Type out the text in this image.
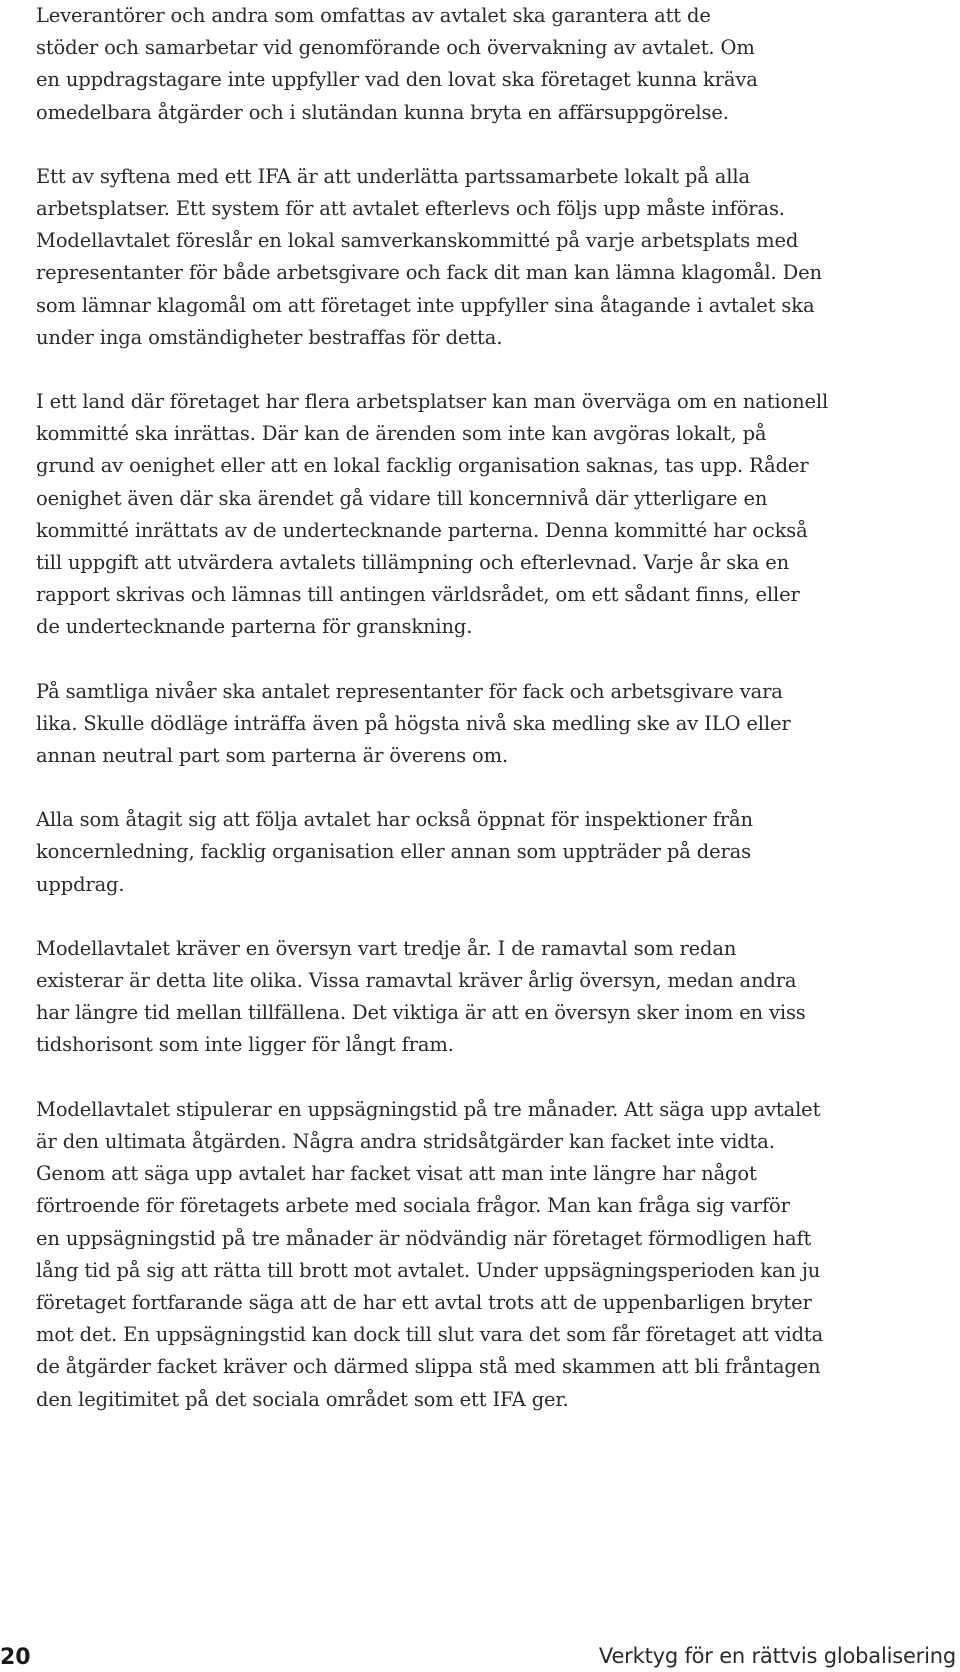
Leverantörer och andra som omfattas av avtalet ska garantera att de
stöder och samarbetar vid genomförande och övervakning av avtalet. Om
en uppdragstagare inte uppfyller vad den lovat ska företaget kunna kräva
omedelbara åtgärder och i slutändan kunna bryta en affärsuppgörelse.

Ett av syftena med ett IFA är att underlätta partssamarbete lokalt på alla
arbetsplatser. Ett system för att avtalet efterlevs och följs upp måste införas.
Modellavtalet föreslår en lokal samverkanskommitté på varje arbetsplats med
representanter för både arbetsgivare och fack dit man kan lämna klagomål. Den
som lämnar klagomål om att företaget inte uppfyller sina åtagande i avtalet ska
under inga omständigheter bestraffas för detta.

I ett land där företaget har flera arbetsplatser kan man överväga om en nationell
kommitté ska inrättas. Där kan de ärenden som inte kan avgöras lokalt, på
grund av oenighet eller att en lokal facklig organisation saknas, tas upp. Råder
oenighet även där ska ärendet gå vidare till koncernnivå där ytterligare en
kommitté inrättats av de undertecknande parterna. Denna kommitté har också
till uppgift att utvärdera avtalets tillämpning och efterlevnad. Varje år ska en
rapport skrivas och lämnas till antingen världsrådet, om ett sådant finns, eller
de undertecknande parterna för granskning.

På samtliga nivåer ska antalet representanter för fack och arbetsgivare vara
lika. Skulle dödläge inträffa även på högsta nivå ska medling ske av ILO eller
annan neutral part som parterna är överens om.

Alla som åtagit sig att följa avtalet har också öppnat för inspektioner från
koncernledning, facklig organisation eller annan som uppträder på deras
uppdrag.

Modellavtalet kräver en översyn vart tredje år. I de ramavtal som redan
existerar är detta lite olika. Vissa ramavtal kräver årlig översyn, medan andra
har längre tid mellan tillfällena. Det viktiga är att en översyn sker inom en viss
tidshorisont som inte ligger för långt fram.

Modellavtalet stipulerar en uppsägningstid på tre månader. Att säga upp avtalet
är den ultimata åtgärden. Några andra stridsåtgärder kan facket inte vidta.
Genom att säga upp avtalet har facket visat att man inte längre har något
förtroende för företagets arbete med sociala frågor. Man kan fråga sig varför
en uppsägningstid på tre månader är nödvändig när företaget förmodligen haft
lång tid på sig att rätta till brott mot avtalet. Under uppsägningsperioden kan ju
företaget fortfarande säga att de har ett avtal trots att de uppenbarligen bryter
mot det. En uppsägningstid kan dock till slut vara det som får företaget att vidta
de åtgärder facket kräver och därmed slippa stå med skammen att bli fråntagen
den legitimitet på det sociala området som ett IFA ger.

20	Verktyg för en rättvis globalisering
